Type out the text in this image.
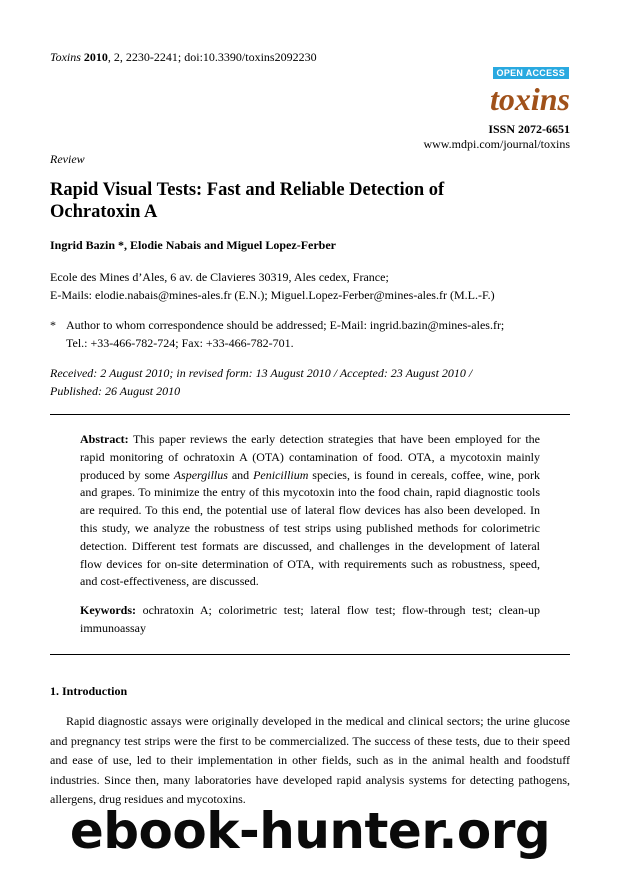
Toxins 2010, 2, 2230-2241; doi:10.3390/toxins2092230
OPEN ACCESS
toxins
ISSN 2072-6651
www.mdpi.com/journal/toxins
Review
Rapid Visual Tests: Fast and Reliable Detection of Ochratoxin A
Ingrid Bazin *, Elodie Nabais and Miguel Lopez-Ferber
Ecole des Mines d’Ales, 6 av. de Clavieres 30319, Ales cedex, France;
E-Mails: elodie.nabais@mines-ales.fr (E.N.); Miguel.Lopez-Ferber@mines-ales.fr (M.L.-F.)
* Author to whom correspondence should be addressed; E-Mail: ingrid.bazin@mines-ales.fr;
Tel.: +33-466-782-724; Fax: +33-466-782-701.
Received: 2 August 2010; in revised form: 13 August 2010 / Accepted: 23 August 2010 /
Published: 26 August 2010
Abstract: This paper reviews the early detection strategies that have been employed for the rapid monitoring of ochratoxin A (OTA) contamination of food. OTA, a mycotoxin mainly produced by some Aspergillus and Penicillium species, is found in cereals, coffee, wine, pork and grapes. To minimize the entry of this mycotoxin into the food chain, rapid diagnostic tools are required. To this end, the potential use of lateral flow devices has also been developed. In this study, we analyze the robustness of test strips using published methods for colorimetric detection. Different test formats are discussed, and challenges in the development of lateral flow devices for on-site determination of OTA, with requirements such as robustness, speed, and cost-effectiveness, are discussed.
Keywords: ochratoxin A; colorimetric test; lateral flow test; flow-through test; clean-up immunoassay
1. Introduction
Rapid diagnostic assays were originally developed in the medical and clinical sectors; the urine glucose and pregnancy test strips were the first to be commercialized. The success of these tests, due to their speed and ease of use, led to their implementation in other fields, such as in the animal health and foodstuff industries. Since then, many laboratories have developed rapid analysis systems for detecting pathogens, allergens, drug residues and mycotoxins.
ebook-hunter.org
